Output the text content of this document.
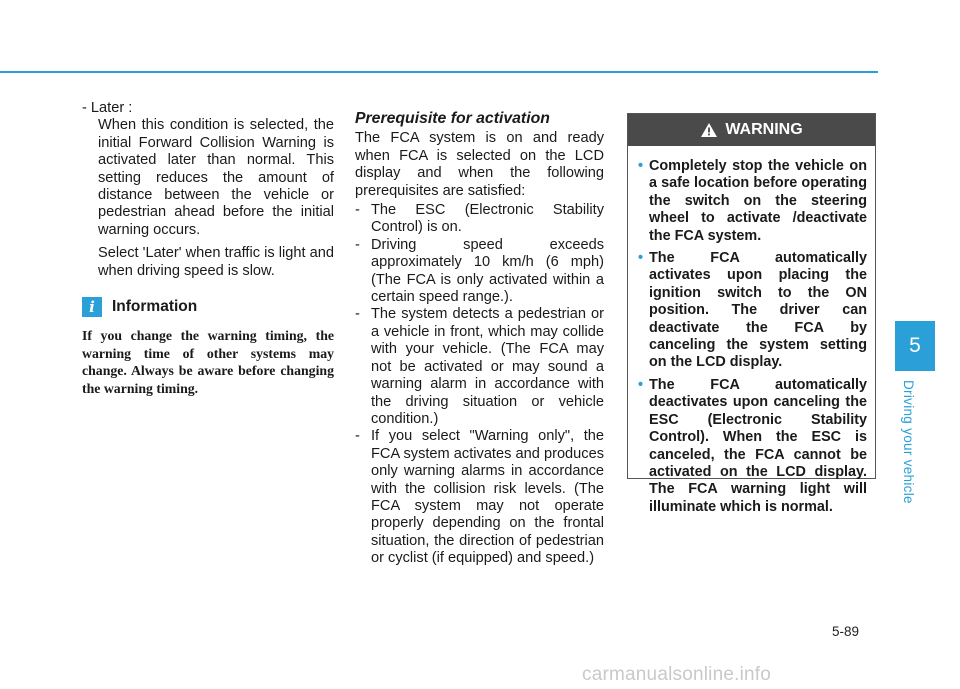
- Later :

When this condition is selected, the initial Forward Collision Warning is activated later than normal. This setting reduces the amount of distance between the vehicle or pedestrian ahead before the initial warning occurs.

Select 'Later' when traffic is light and when driving speed is slow.

i	Information

If you change the warning timing, the warning time of other systems may change. Always be aware before changing the warning timing.

Prerequisite for activation

The FCA system is on and ready when FCA is selected on the LCD display and when the following prerequisites are satisfied:

- The ESC (Electronic Stability Control) is on.
- Driving speed exceeds approximately 10 km/h (6 mph) (The FCA is only activated within a certain speed range.).
- The system detects a pedestrian or a vehicle in front, which may collide with your vehicle. (The FCA may not be activated or may sound a warning alarm in accordance with the driving situation or vehicle condition.)
- If you select "Warning only", the FCA system activates and produces only warning alarms in accordance with the collision risk levels. (The FCA system may not operate properly depending on the frontal situation, the direction of pedestrian or cyclist (if equipped) and speed.)
WARNING
• Completely stop the vehicle on a safe location before operating the switch on the steering wheel to activate /deactivate the FCA system.
• The FCA automatically activates upon placing the ignition switch to the ON position. The driver can deactivate the FCA by canceling the system setting on the LCD display.
• The FCA automatically deactivates upon canceling the ESC (Electronic Stability Control). When the ESC is canceled, the FCA cannot be activated on the LCD display. The FCA warning light will illuminate which is normal.
5
Driving your vehicle
5-89
carmanualsonline.info
